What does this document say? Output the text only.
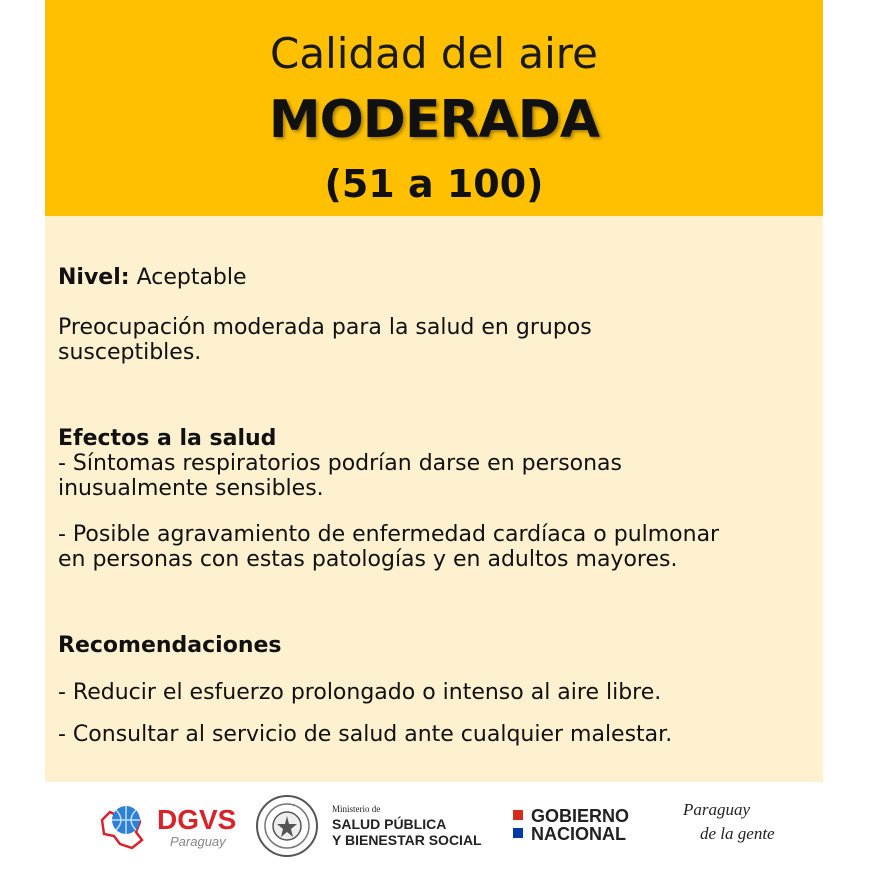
Calidad del aire
MODERADA
(51 a 100)
Nivel: Aceptable
Preocupación moderada para la salud en grupos
susceptibles.
Efectos a la salud
- Síntomas respiratorios podrían darse en personas
inusualmente sensibles.
- Posible agravamiento de enfermedad cardíaca o pulmonar
en personas con estas patologías y en adultos mayores.
Recomendaciones
- Reducir el esfuerzo prolongado o intenso al aire libre.
- Consultar al servicio de salud ante cualquier malestar.
DGVS
Paraguay
Ministerio de
SALUD PÚBLICA
Y BIENESTAR SOCIAL
GOBIERNO
NACIONAL
Paraguay
de la gente
